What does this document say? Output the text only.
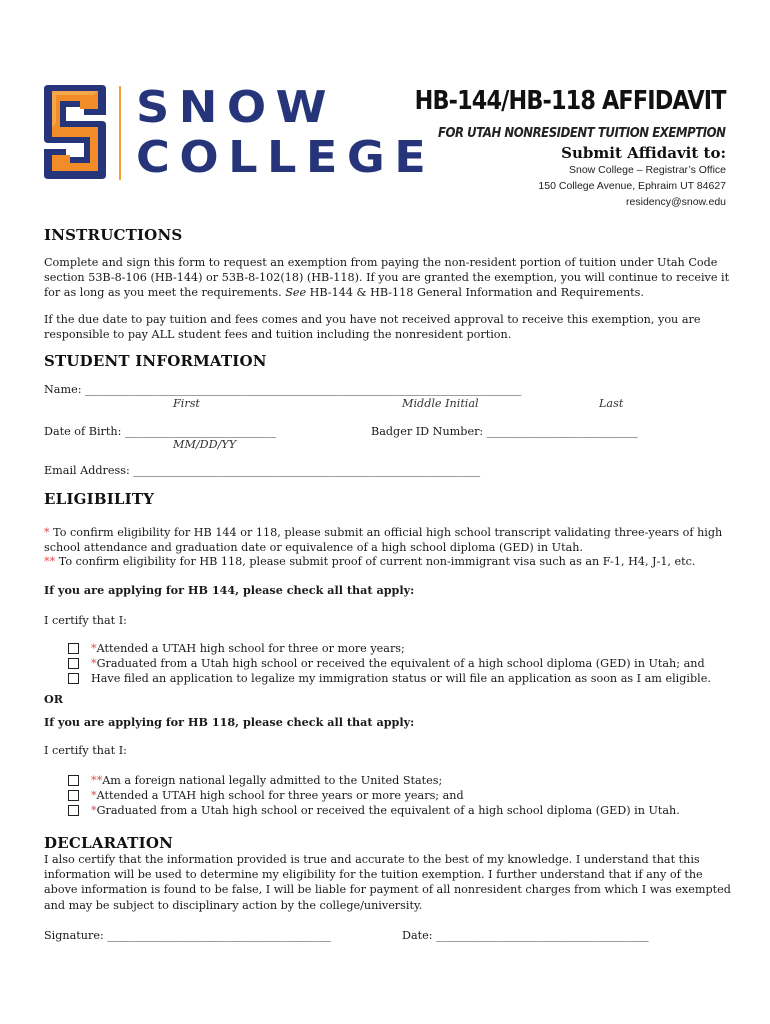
SNOW
COLLEGE
HB-144/HB-118 AFFIDAVIT
FOR UTAH NONRESIDENT TUITION EXEMPTION
Submit Affidavit to:
Snow College – Registrar’s Office
150 College Avenue, Ephraim UT 84627
residency@snow.edu
INSTRUCTIONS

Complete and sign this form to request an exemption from paying the non-resident portion of tuition under Utah Code section 53B-8-106 (HB-144) or 53B-8-102(18) (HB-118). If you are granted the exemption, you will continue to receive it for as long as you meet the requirements. See HB-144 & HB-118 General Information and Requirements.

If the due date to pay tuition and fees comes and you have not received approval to receive this exemption, you are responsible to pay ALL student fees and tuition including the nonresident portion.

STUDENT INFORMATION
Name: ______________________________________________________________________________
First	Middle Initial	Last
Date of Birth: ___________________________	Badger ID Number: ___________________________
MM/DD/YY
Email Address: ______________________________________________________________
ELIGIBILITY

* To confirm eligibility for HB 144 or 118, please submit an official high school transcript validating three-years of high school attendance and graduation date or equivalence of a high school diploma (GED) in Utah.

** To confirm eligibility for HB 118, please submit proof of current non-immigrant visa such as an F-1, H4, J-1, etc.

If you are applying for HB 144, please check all that apply:
I certify that I:
* Attended a UTAH high school for three or more years;
* Graduated from a Utah high school or received the equivalent of a high school diploma (GED) in Utah; and
Have filed an application to legalize my immigration status or will file an application as soon as I am eligible.
OR
If you are applying for HB 118, please check all that apply:
I certify that I:
** Am a foreign national legally admitted to the United States;
* Attended a UTAH high school for three years or more years; and
* Graduated from a Utah high school or received the equivalent of a high school diploma (GED) in Utah.
DECLARATION

I also certify that the information provided is true and accurate to the best of my knowledge. I understand that this information will be used to determine my eligibility for the tuition exemption. I further understand that if any of the above information is found to be false, I will be liable for payment of all nonresident charges from which I was exempted and may be subject to disciplinary action by the college/university.

Signature: ________________________________________	Date: ______________________________________
